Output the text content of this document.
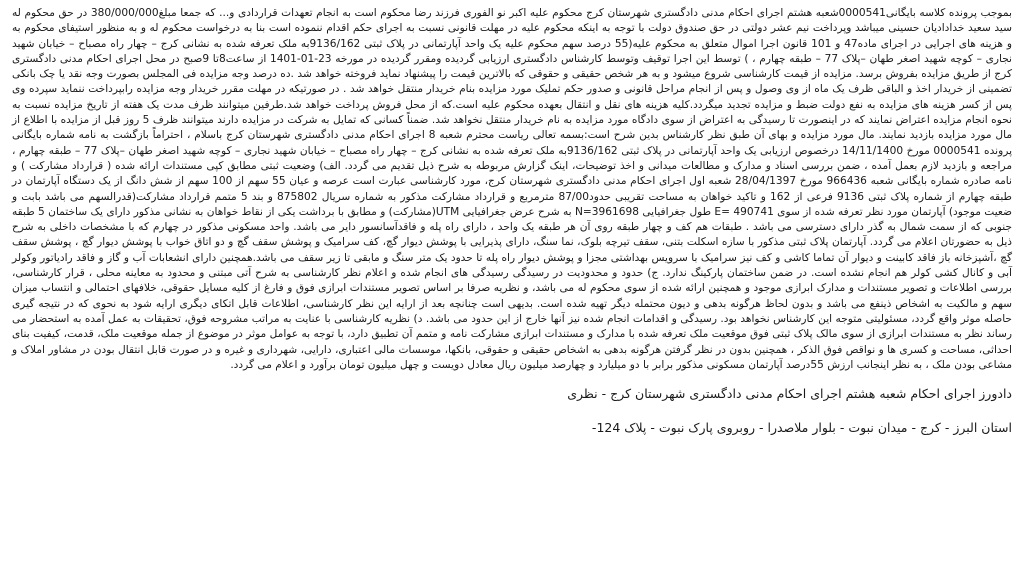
بموجب پرونده کلاسه بایگانی0000541شعبه هشتم اجرای احکام مدنی دادگستری شهرستان کرج محکوم علیه اکبر نو الفوری فرزند رضا محکوم است به انجام تعهدات قراردادی و... که جمعا مبلغ380/000/000 در حق محکوم له سید سعید خدادادیان حسینی میباشد وپرداخت نیم عشر دولتی در حق صندوق دولت با توجه به اینکه محکوم علیه در مهلت قانونی نسبت به اجرای حکم اقدام ننموده است بنا به درخواست محکوم له و به منظور استیفای محکوم به و هزینه های اجرایی در اجرای ماده47 و 101 قانون اجرا اموال متعلق به محکوم علیه(55 درصد سهم محکوم علیه یک واحد آپارتمانی در پلاک ثبتی 9136/162به ملک تعرفه شده به نشانی کرج – چهار راه مصباح – خیابان شهید نجاری – کوچه شهید اصغر طهان –پلاک 77 – طبقه چهارم ، ) توسط این اجرا توقیف وتوسط کارشناس دادگستری ارزیابی گردیده ومقرر گردیده در مورخه 23-01-1401 از ساعت8تا 9صبح در محل اجرای احکام مدنی دادگستری کرج از طریق مزایده بفروش برسد. مزایده از قیمت کارشناسی شروع میشود و به هر شخص حقیقی و حقوقی که بالاترین قیمت را پیشنهاد نماید فروخته خواهد شد .ده درصد وجه مزایده فی المجلس بصورت وجه نقد یا چک بانکی تضمینی از خریدار اخذ و الباقی ظرف یک ماه از وی وصول و پس از انجام مراحل قانونی و صدور حکم تملیک مورد مزایده بنام خریدار منتقل خواهد شد . در صورتیکه در مهلت مقرر خریدار وجه مزایده رابپرداخت ننماید سپرده وی پس از کسر هزینه های مزایده به نفع دولت ضبط و مزایده تجدید میگردد.کلیه هزینه های نقل و انتقال بعهده محکوم علیه است.که از محل فروش پرداخت خواهد شد.طرفین میتوانند ظرف مدت یک هفته از تاریخ مزایده نسبت به نحوه انجام مزایده اعتراض نمایند که در اینصورت تا رسیدگی به اعتراض از سوی دادگاه مورد مزایده به نام خریدار منتقل نخواهد شد. ضمناً کسانی که تمایل به شرکت در مزایده دارند میتوانند ظرف 5 روز قبل از مزایده با اطلاع از مال مورد مزایده بازدید نمایند. مال مورد مزایده و بهای آن طبق نظر کارشناس بدین شرح است:بسمه تعالی ریاست محترم شعبه 8 اجرای احکام مدنی دادگستری شهرستان کرج باسلام ، احتراماً بازگشت به نامه شماره بایگانی پرونده 0000541 مورخ 14/11/1400 درخصوص ارزیابی یک واحد آپارتمانی در پلاک ثبتی 9136/162به ملک تعرفه شده به نشانی کرج – چهار راه مصباح – خیابان شهید نجاری – کوچه شهید اصغر طهان –پلاک 77 – طبقه چهارم ، مراجعه و بازدید لازم بعمل آمده ، ضمن بررسی اسناد و مدارک و مطالعات میدانی و اخذ توضیحات، اینک گزارش مربوطه به شرح ذیل تقدیم می گردد. الف) وضعیت ثبتی مطابق کپی مستندات ارائه شده ( قرارداد مشارکت ) و نامه صادره شماره بایگانی شعبه 966436 مورخ 28/04/1397 شعبه اول اجرای احکام مدنی دادگستری شهرستان کرج، مورد کارشناسی عبارت است عرصه و عیان 55 سهم از 100 سهم از شش دانگ از یک دستگاه آپارتمان در طبقه چهارم از شماره پلاک ثبتی 9136 فرعی از 162 و تاکید خواهان به مساحت تقریبی حدود87/00 مترمربع و قرارداد مشارکت مذکور به شماره سریال 875802 و بند 5 متمم قرارداد مشارکت(قدرالسهم می باشد بابت و ضعیت موجود) آپارتمان مورد نظر تعرفه شده از سوی E= 490741 طول جغرافیایی N=3961698 به شرح عرض جغرافیایی UTM(مشارکت) و مطابق با برداشت یکی از نقاط خواهان به نشانی مذکور دارای یک ساختمان 5 طبقه جنوبی که از سمت شمال به گذر دارای دسترسی می باشد . طبقات هم کف و چهار طبقه روی آن هر طبقه یک واحد ، دارای راه پله و فاقدآسانسور دایر می باشد. واحد مسکونی مذکور در چهارم که با مشخصات داخلی به شرح ذیل به حضورتان اعلام می گردد. آپارتمان پلاک ثبتی مذکور با سازه اسکلت بتنی، سقف تیرچه بلوک، نما سنگ، دارای پذیرایی با پوشش دیوار گچ، کف سرامیک و پوشش سقف گچ و دو اتاق خواب با پوشش دیوار گچ ، پوشش سقف گچ ،آشپزخانه باز فاقد کابینت و دیوار آن تماما کاشی و کف نیز سرامیک با سرویس بهداشتی مجزا و پوشش دیوار راه پله تا حدود یک متر سنگ و مابقی تا زیر سقف می باشد.همچنین دارای انشعابات آب و گاز و فاقد رادیاتور وکولر آبی و کانال کشی کولر هم انجام نشده است. در ضمن ساختمان پارکینگ ندارد. ج) حدود و محدودیت در رسیدگی رسیدگی های انجام شده و اعلام نظر کارشناسی به شرح آتی مبتنی و محدود به معاینه محلی ، قرار کارشناسی، بررسی اطلاعات و تصویر مستندات و مدارک ابرازی موجود و همچنین ارائه شده از سوی محکوم له می باشد، و نظریه صرفا بر اساس تصویر مستندات ابرازی فوق و فارغ از کلیه مسایل حقوقی، خلافهای احتمالی و انتساب میزان سهم و مالکیت به اشخاص ذینفع می باشد و بدون لحاظ هرگونه بدهی و دیون محتمله دیگر تهیه شده است. بدیهی است چنانچه بعد از ارایه این نظر کارشناسی، اطلاعات قابل اتکای دیگری ارایه شود به نحوی که در نتیجه گیری حاصله موثر واقع گردد، مسئولیتی متوجه این کارشناس نخواهد بود. رسیدگی و اقدامات انجام شده نیز آنها خارج از این حدود می باشد. د) نظریه کارشناسی با عنایت به مراتب مشروحه فوق، تحقیقات به عمل آمده به استحضار می رساند نظر به مستندات ابرازی از سوی مالک پلاک ثبتی فوق موقعیت ملک تعرفه شده با مدارک و مستندات ابرازی مشارکت نامه و متمم آن تطبیق دارد، با توجه به عوامل موثر در موضوع از جمله موقعیت ملک، قدمت، کیفیت بنای احداثی، مساحت و کسری ها و نواقص فوق الذکر ، همچنین بدون در نظر گرفتن هرگونه بدهی به اشخاص حقیقی و حقوقی، بانکها، موسسات مالی اعتباری، دارایی، شهرداری و غیره و در صورت قابل انتقال بودن در مشاور املاک و مشاعی بودن ملک ، به نظر اینجانب ارزش 55درصد آپارتمان مسکونی مذکور برابر با دو میلیارد و چهارصد میلیون ریال معادل دویست و چهل میلیون تومان برآورد و اعلام می گردد.

دادورز اجرای احکام شعبه هشتم اجرای احکام مدنی دادگستری شهرستان کرج - نظری

استان البرز - کرج - میدان نبوت - بلوار ملاصدرا - روبروی پارک نبوت - پلاک 124-
